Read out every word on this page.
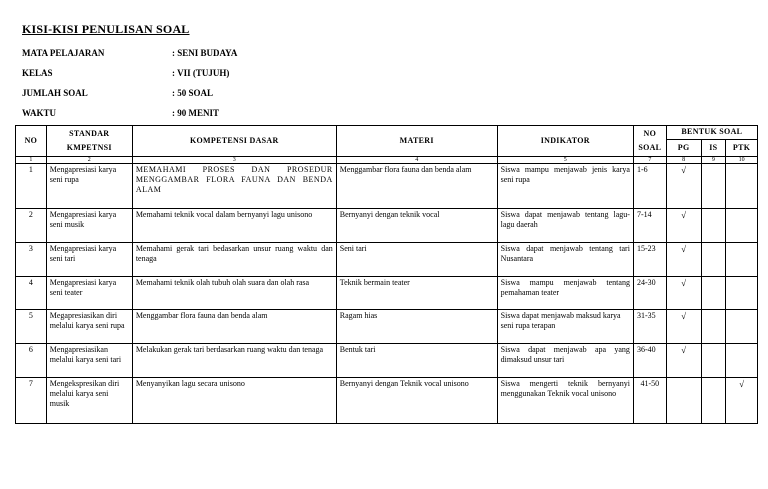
KISI-KISI PENULISAN SOAL
MATA PELAJARAN	: SENI BUDAYA
KELAS	: VII (TUJUH)
JUMLAH SOAL	: 50 SOAL
WAKTU	: 90 MENIT
NO	STANDAR KMPETNSI	KOMPETENSI DASAR	MATERI	INDIKATOR	NO SOAL	BENTUK SOAL		
						PG	IS	PTK
1	2	3	4	5	7	8	9	10
1	Mengapresiasi karya seni rupa	MEMAHAMI PROSES DAN PROSEDUR MENGGAMBAR FLORA FAUNA DAN BENDA ALAM	Menggambar flora fauna dan benda alam	Siswa mampu menjawab jenis karya seni rupa	1-6	√		
2	Mengapresiasi karya seni musik	Memahami teknik vocal dalam bernyanyi lagu unisono	Bernyanyi dengan teknik vocal	Siswa dapat menjawab tentang lagu-lagu daerah	7-14	√		
3	Mengapresiasi karya seni tari	Memahami gerak tari bedasarkan unsur ruang waktu dan tenaga	Seni tari	Siswa dapat menjawab tentang tari Nusantara	15-23	√		
4	Mengapresiasi karya seni teater	Memahami teknik olah tubuh olah suara dan olah rasa	Teknik bermain teater	Siswa mampu menjawab tentang pemahaman teater	24-30	√		
5	Megapresiasikan diri melalui karya seni rupa	Menggambar flora fauna dan benda alam	Ragam hias	Siswa dapat menjawab maksud karya seni rupa terapan	31-35	√		
6	Mengapresiasikan melalui karya seni tari	Melakukan gerak tari berdasarkan ruang waktu dan tenaga	Bentuk tari	Siswa dapat menjawab apa yang dimaksud unsur tari	36-40	√		
7	Mengekspresikan diri melalui karya seni musik	Menyanyikan lagu secara unisono	Bernyanyi dengan Teknik vocal unisono	Siswa mengerti teknik bernyanyi menggunakan Teknik vocal unisono	41-50			√
